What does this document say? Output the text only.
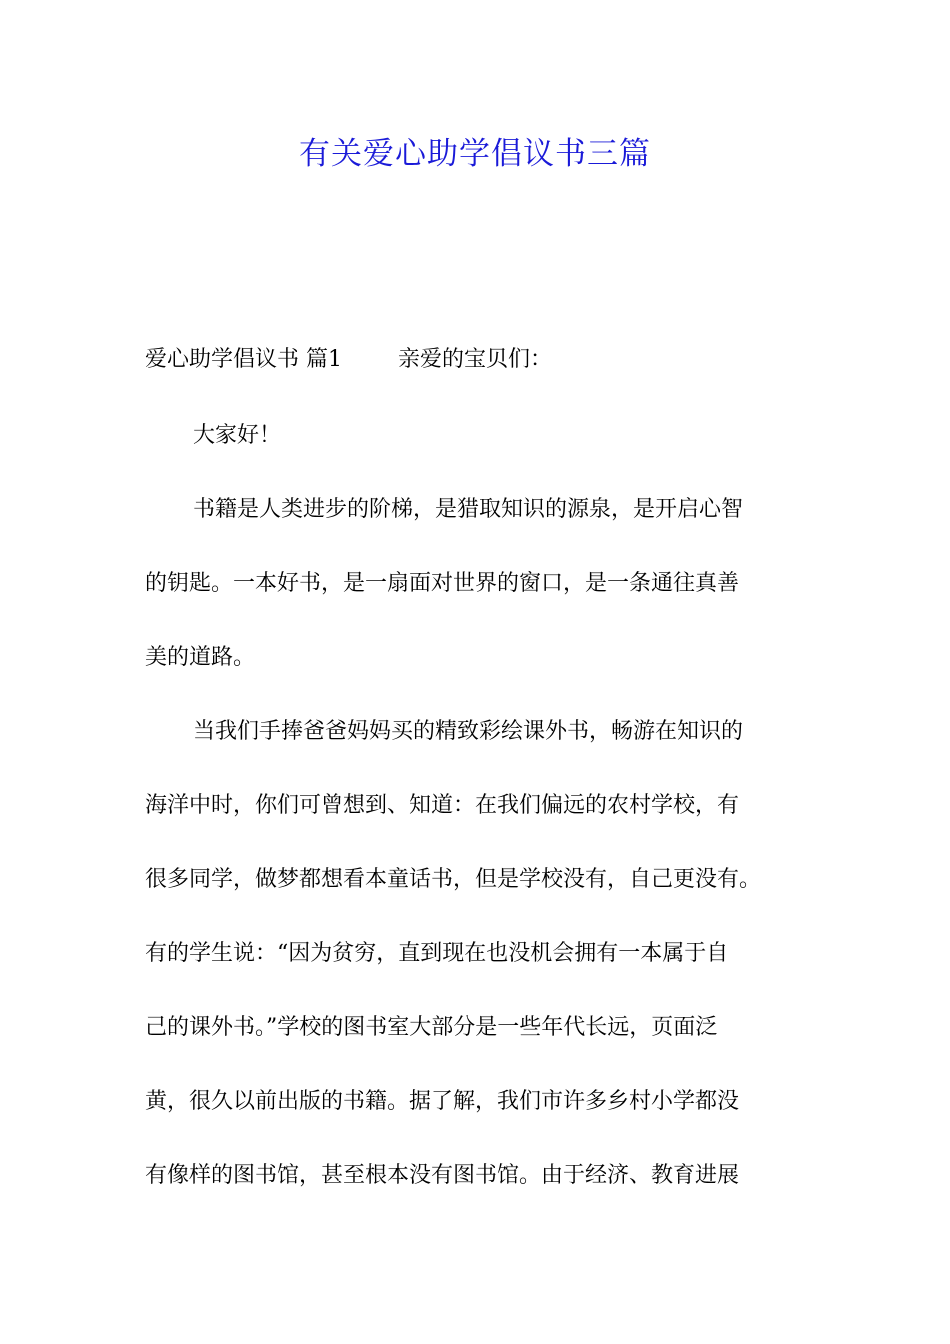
有关爱心助学倡议书三篇
爱心助学倡议书 篇1	亲爱的宝贝们：

大家好！

书籍是人类进步的阶梯，是猎取知识的源泉，是开启心智

的钥匙。一本好书，是一扇面对世界的窗口，是一条通往真善

美的道路。

当我们手捧爸爸妈妈买的精致彩绘课外书，畅游在知识的

海洋中时，你们可曾想到、知道：在我们偏远的农村学校，有

很多同学，做梦都想看本童话书，但是学校没有，自己更没有。

有的学生说：“因为贫穷，直到现在也没机会拥有一本属于自

己的课外书。”学校的图书室大部分是一些年代长远，页面泛

黄，很久以前出版的书籍。据了解，我们市许多乡村小学都没

有像样的图书馆，甚至根本没有图书馆。由于经济、教育进展
